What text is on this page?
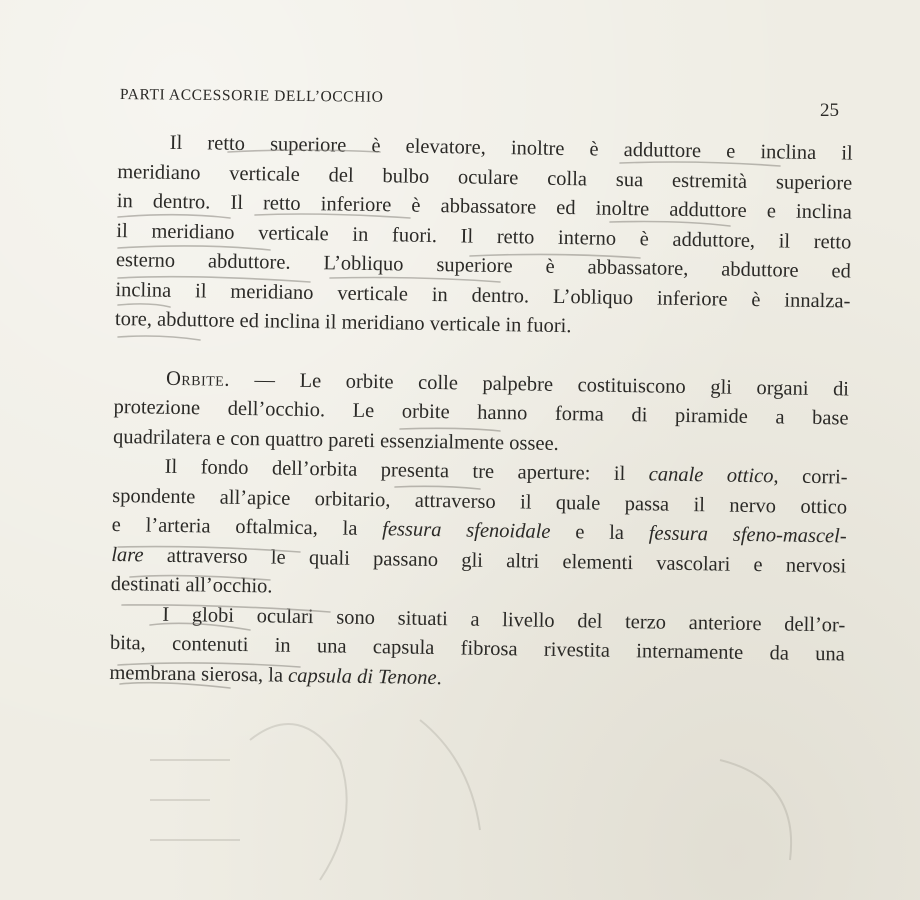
PARTI ACCESSORIE DELL’OCCHIO
25
Il retto superiore è elevatore, inoltre è adduttore e inclina il
meridiano verticale del bulbo oculare colla sua estremità superiore
in dentro. Il retto inferiore è abbassatore ed inoltre adduttore e inclina
il meridiano verticale in fuori. Il retto interno è adduttore, il retto
esterno abduttore. L’obliquo superiore è abbassatore, abduttore ed
inclina il meridiano verticale in dentro. L’obliquo inferiore è innalza-
tore, abduttore ed inclina il meridiano verticale in fuori.
Orbite. — Le orbite colle palpebre costituiscono gli organi di
protezione dell’occhio. Le orbite hanno forma di piramide a base
quadrilatera e con quattro pareti essenzialmente ossee.
Il fondo dell’orbita presenta tre aperture: il canale ottico, corri-
spondente all’apice orbitario, attraverso il quale passa il nervo ottico
e l’arteria oftalmica, la fessura sfenoidale e la fessura sfeno-mascel-
lare attraverso le quali passano gli altri elementi vascolari e nervosi
destinati all’occhio.
I globi oculari sono situati a livello del terzo anteriore dell’or-
bita, contenuti in una capsula fibrosa rivestita internamente da una
membrana sierosa, la capsula di Tenone.
